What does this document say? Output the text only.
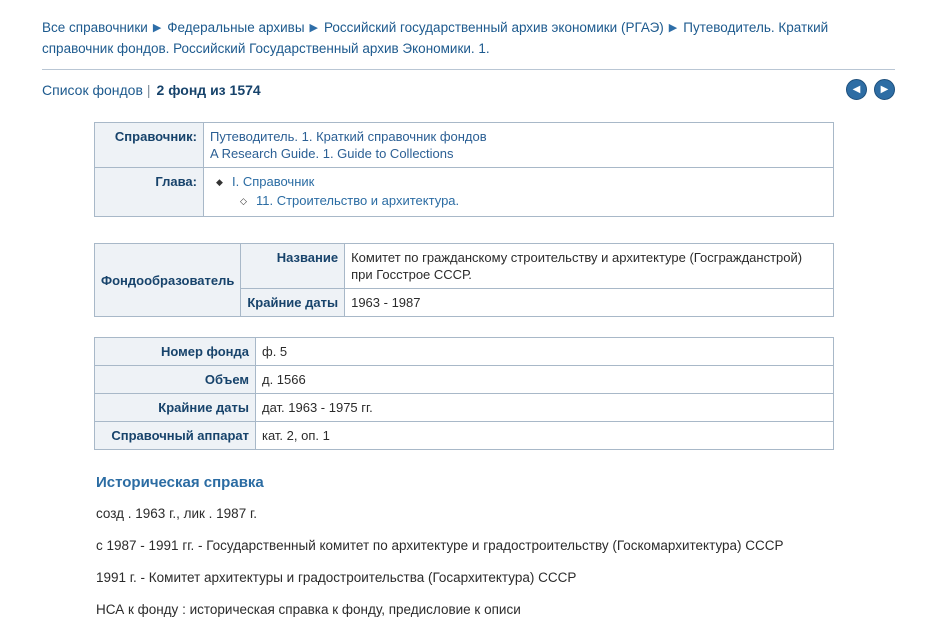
Все справочники ▶ Федеральные архивы ▶ Российский государственный архив экономики (РГАЭ) ▶ Путеводитель. Краткий справочник фондов. Российский Государственный архив Экономики. 1.
Список фондов | 2 фонд из 1574	◀ ▶
Справочник:	Путеводитель. 1. Краткий справочник фондов
A Research Guide. 1. Guide to Collections

Глава:	
◆I. Справочник
◇ 11. Строительство и архитектура.
Фондообразователь	Название	Комитет по гражданскому строительству и архитектуре (Госгражданстрой) при Госстрое СССР.
	Крайние даты	1963 - 1987
Номер фонда	ф. 5
Объем	д. 1566
Крайние даты	дат. 1963 - 1975 гг.
Справочный аппарат	кат. 2, оп. 1
Историческая справка

созд . 1963 г., лик . 1987 г.

с 1987 - 1991 гг. - Государственный комитет по архитектуре и градостроительству (Госкомархитектура) СССР

1991 г. - Комитет архитектуры и градостроительства (Госархитектура) СССР

НСА к фонду : историческая справка к фонду, предисловие к описи
